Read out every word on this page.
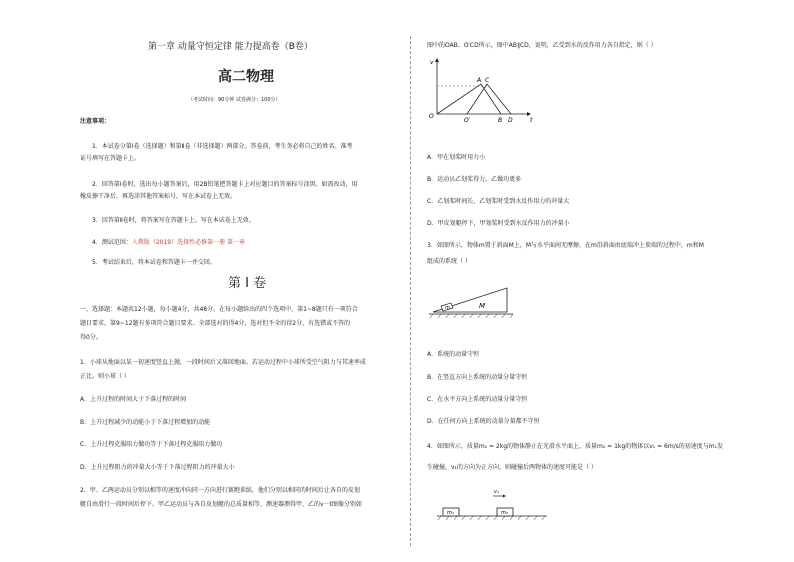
第一章 动量守恒定律 能力提高卷（B卷）
高二物理
（考试时间：90分钟 试卷满分：100分）
注意事项：
1．本试卷分第Ⅰ卷（选择题）和第Ⅱ卷（非选择题）两部分。答卷前，考生务必将自己的姓名、准考
证号填写在答题卡上。
2．回答第Ⅰ卷时，选出每小题答案后，用2B铅笔把答题卡上对应题目的答案标号涂黑。如需改动，用
橡皮擦干净后，再选涂其他答案标号。写在本试卷上无效。
3．回答第Ⅱ卷时，将答案写在答题卡上。写在本试卷上无效。
4．测试范围：人教版（2019）选择性必修第一册 第一章
5．考试结束后，将本试卷和答题卡一并交回。
第 Ⅰ 卷
一、选择题：本题共12小题，每小题4分，共48分。在每小题给出的四个选项中，第1~8题只有一项符合
题目要求，第9~12题有多项符合题目要求。全部选对的得4分，选对但不全的得2分，有选错或不答的
得0分。
1．小球从地面以某一初速度竖直上抛，一段时间后又落回地面。若运动过程中小球所受空气阻力与其速率成
正比。则小球（ ）
A．上升过程的时间大于下落过程的时间
B．上升过程减少的动能小于下落过程增加的动能
C．上升过程克服阻力做功等于下落过程克服阻力做功
D．上升过程阻力的冲量大小等于下落过程阻力的冲量大小
2．甲、乙两运动员分别以相等的速度冲向同一方向进行赛跑训练，他们分别以相同的时间后让各自的皮划
艇自由滑行一段时间后停下。甲乙运动员与各自皮划艇的总质量相等，测速器测得甲、乙的v－t图像分别如
图中的OAB、O′CD所示，图中AB∥CD，说明，乙受到水的反作用力各自指定，则（ ）
v
t
O
O′
A C
B D
A．甲在划桨时用力小
B．运动员乙划桨得力，乙做功更多
C．乙划桨时间长，乙划桨时受到水反作用力的冲量大
D．甲皮划艇停下，甲划桨时受到水反作用力的冲量小
3．如图所示，物体m置于斜面M上，M与水平面间无摩擦，在m沿斜面由底端冲上顶端的过程中，m和M
组成的系统（ ）
m	M
A．系统的动量守恒
B．在竖直方向上系统的动量分量守恒
C．在水平方向上系统的动量分量守恒
D．在任何方向上系统的动量分量都不守恒
4．如图所示，质量m₁ = 2kg的物体静止在光滑水平面上，质量m₂ = 1kg的物体以v₁ = 6m/s的初速度与m₁发
生碰撞，v₁的方向为正方向，则碰撞后两物体的速度可能是（ ）
v₁
m₁	m₂
